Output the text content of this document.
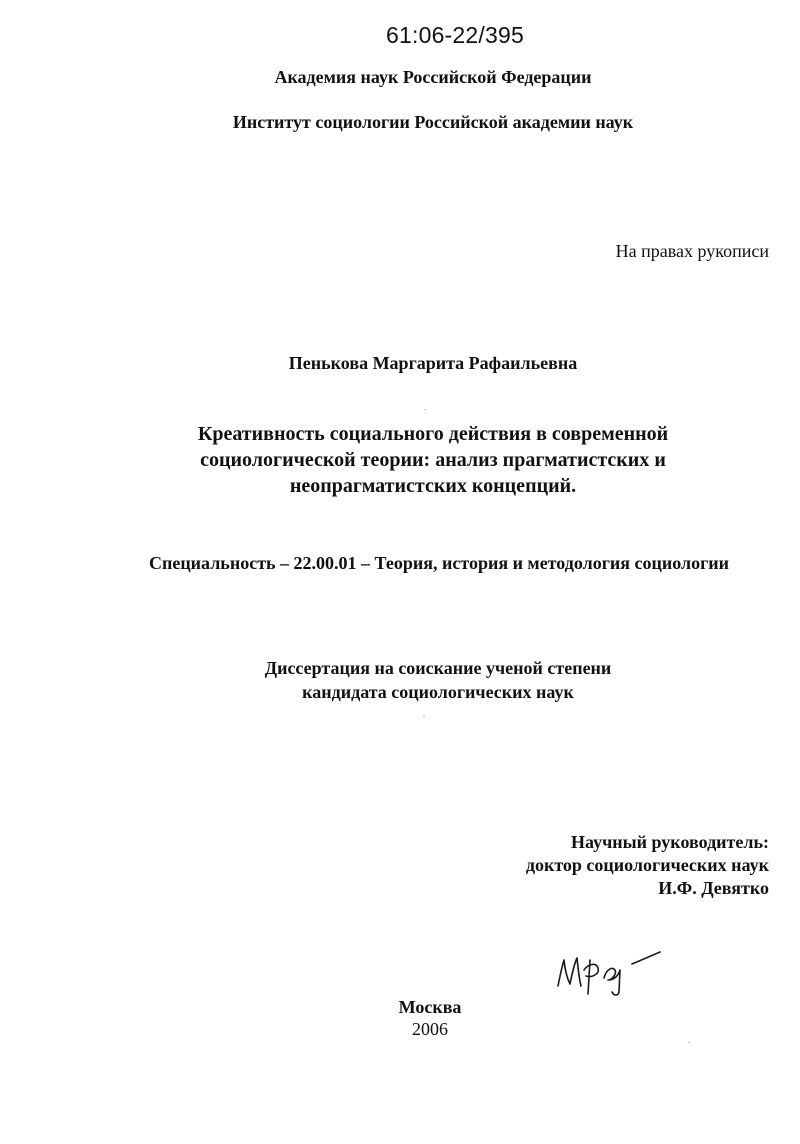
61:06-22/395
Академия наук Российской Федерации
Институт социологии Российской академии наук
На правах рукописи
Пенькова Маргарита Рафаильевна
Креативность социального действия в современной
социологической теории: анализ прагматистских и
неопрагматистских концепций.
Специальность – 22.00.01 – Теория, история и методология социологии
Диссертация на соискание ученой степени
кандидата социологических наук
Научный руководитель:
доктор социологических наук
И.Ф. Девятко
Москва
2006
